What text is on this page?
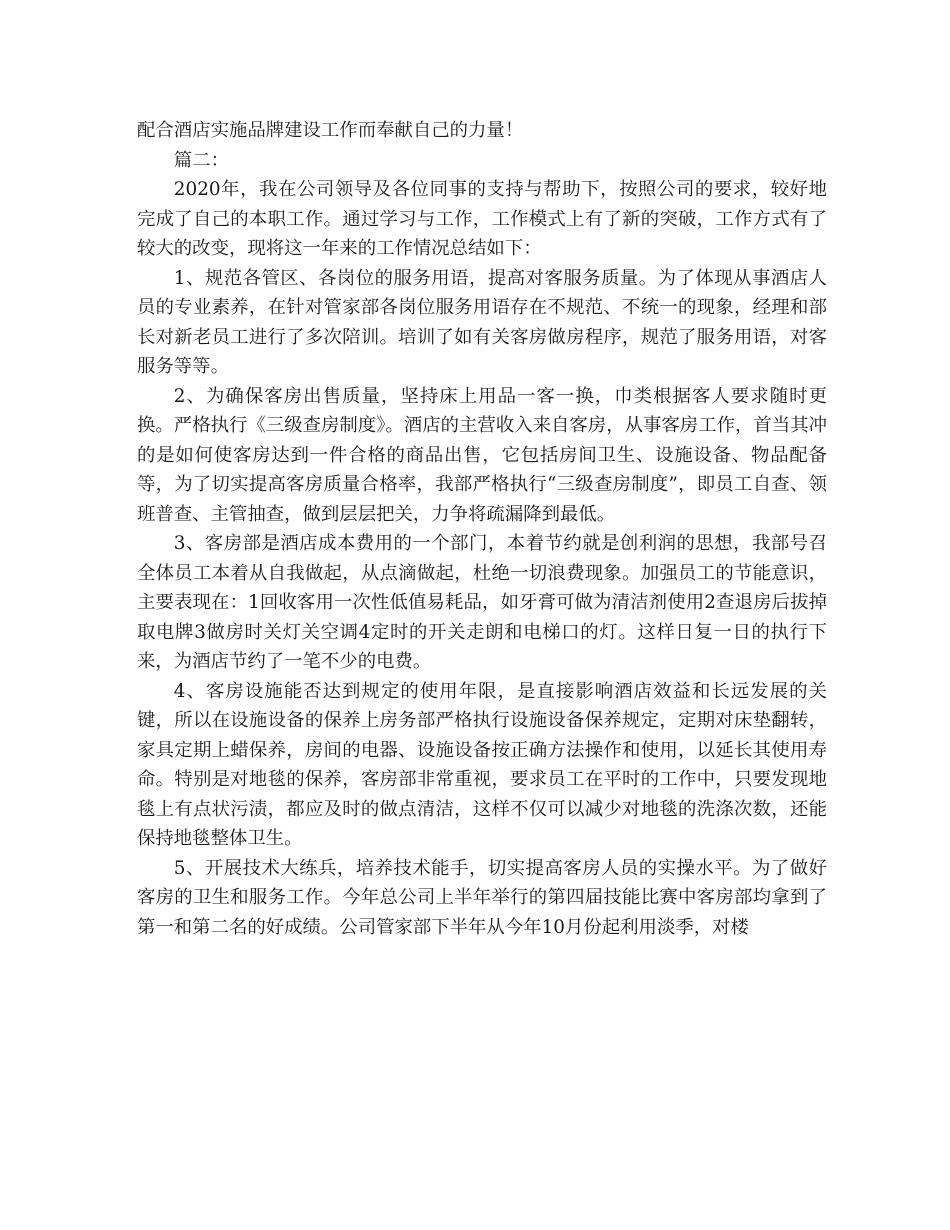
配合酒店实施品牌建设工作而奉献自己的力量！

篇二：

2020年，我在公司领导及各位同事的支持与帮助下，按照公司的要求，较好地完成了自己的本职工作。通过学习与工作，工作模式上有了新的突破，工作方式有了较大的改变，现将这一年来的工作情况总结如下：

1、规范各管区、各岗位的服务用语，提高对客服务质量。为了体现从事酒店人员的专业素养，在针对管家部各岗位服务用语存在不规范、不统一的现象，经理和部长对新老员工进行了多次陪训。培训了如有关客房做房程序，规范了服务用语，对客服务等等。

2、为确保客房出售质量，坚持床上用品一客一换，巾类根据客人要求随时更换。严格执行《三级查房制度》。酒店的主营收入来自客房，从事客房工作，首当其冲的是如何使客房达到一件合格的商品出售，它包括房间卫生、设施设备、物品配备等，为了切实提高客房质量合格率，我部严格执行“三级查房制度”，即员工自查、领班普查、主管抽查，做到层层把关，力争将疏漏降到最低。

3、客房部是酒店成本费用的一个部门，本着节约就是创利润的思想，我部号召全体员工本着从自我做起，从点滴做起，杜绝一切浪费现象。加强员工的节能意识，主要表现在：1回收客用一次性低值易耗品，如牙膏可做为清洁剂使用2查退房后拔掉取电牌3做房时关灯关空调4定时的开关走朗和电梯口的灯。这样日复一日的执行下来，为酒店节约了一笔不少的电费。

4、客房设施能否达到规定的使用年限，是直接影响酒店效益和长远发展的关键，所以在设施设备的保养上房务部严格执行设施设备保养规定，定期对床垫翻转，家具定期上蜡保养，房间的电器、设施设备按正确方法操作和使用，以延长其使用寿命。特别是对地毯的保养，客房部非常重视，要求员工在平时的工作中，只要发现地毯上有点状污渍，都应及时的做点清洁，这样不仅可以减少对地毯的洗涤次数，还能保持地毯整体卫生。

5、开展技术大练兵，培养技术能手，切实提高客房人员的实操水平。为了做好客房的卫生和服务工作。今年总公司上半年举行的第四届技能比赛中客房部均拿到了第一和第二名的好成绩。公司管家部下半年从今年10月份起利用淡季，对楼
